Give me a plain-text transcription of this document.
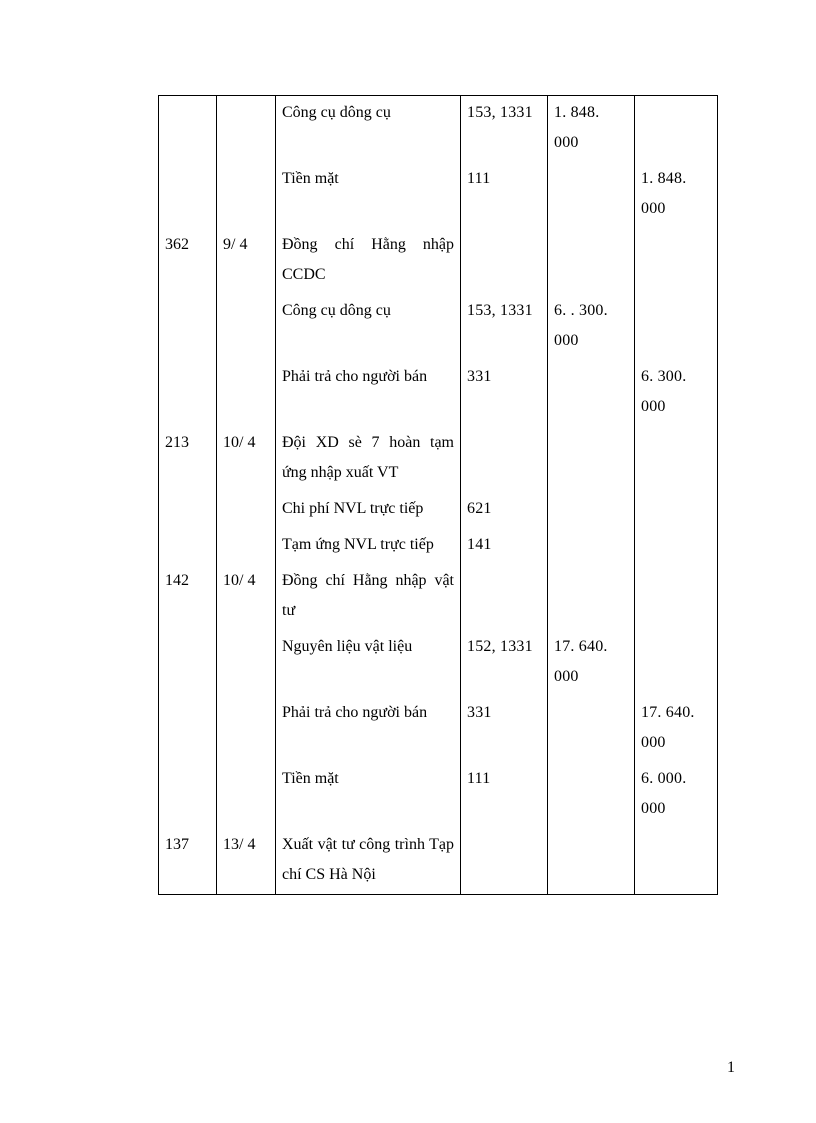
		Công cụ dông cụ	153, 1331	1. 848. 000	
		Tiền mặt	111		1. 848. 000
362	9/ 4	Đồng chí Hằng nhập CCDC			
		Công cụ dông cụ	153, 1331	6. . 300. 000	
		Phải trả cho người bán	331		6. 300. 000
213	10/ 4	Đội XD sè 7 hoàn tạm ứng nhập xuất VT			
		Chi phí NVL trực tiếp	621		
		Tạm ứng NVL trực tiếp	141		
142	10/ 4	Đồng chí Hằng nhập vật tư			
		Nguyên liệu vật liệu	152, 1331	17. 640. 000	
		Phải trả cho người bán	331		17. 640. 000
		Tiền mặt	111		6. 000. 000
137	13/ 4	Xuất vật tư công trình Tạp chí CS Hà Nội			
1
